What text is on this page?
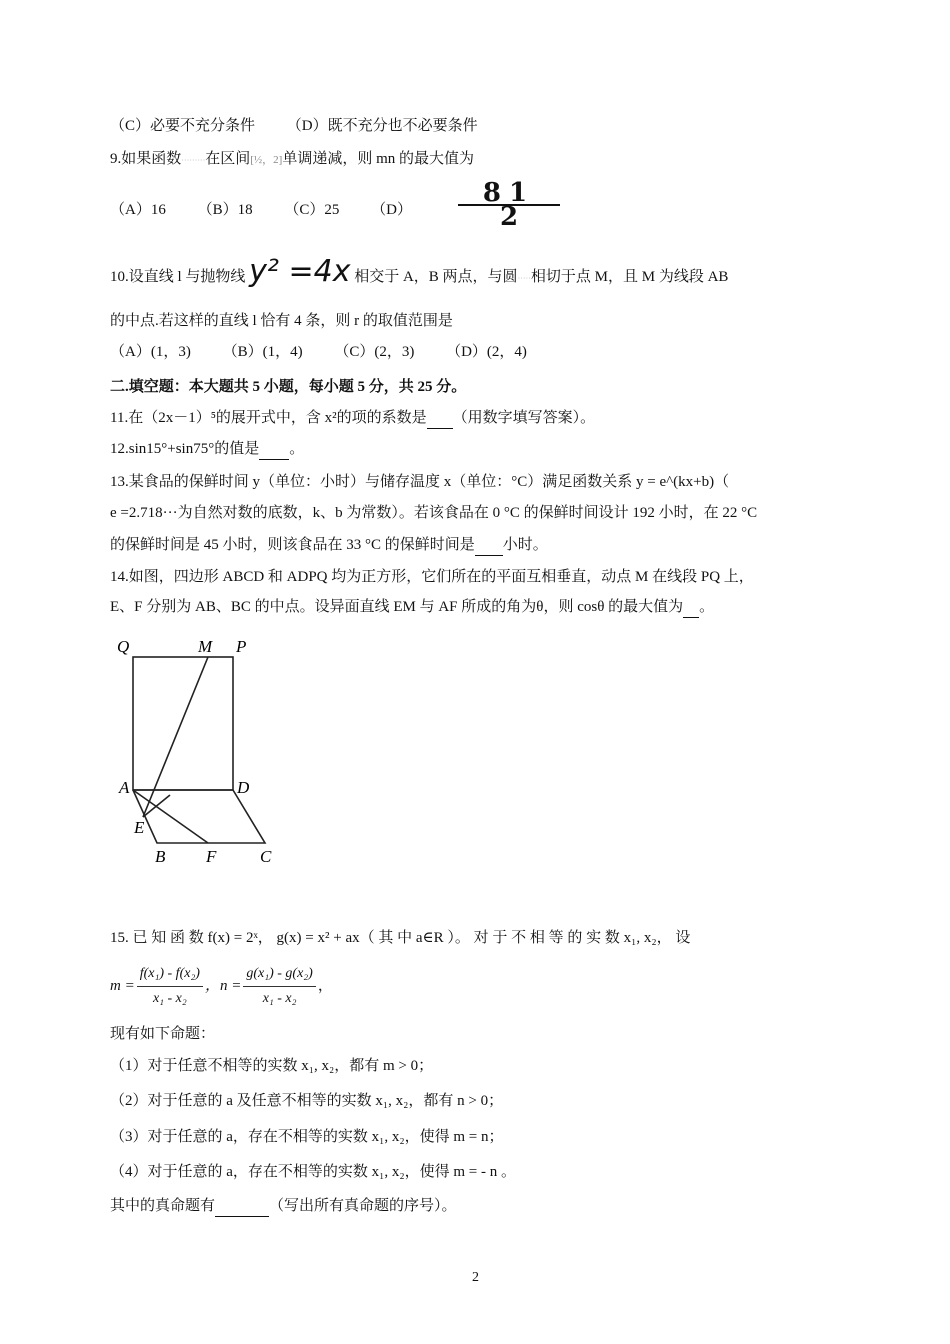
（C）必要不充分条件 （D）既不充分也不必要条件
9.如果函数·········在区间[½，2]单调递减，则 mn 的最大值为
（A）16 （B）18 （C）25 $(D) \frac{81}{2}$
10.设直线 l 与抛物线 y² =4x 相交于 A，B 两点，与圆·····相切于点 M，且 M 为线段 AB
的中点.若这样的直线 l 恰有 4 条，则 r 的取值范围是
（A）(1，3) （B）(1，4) （C）(2，3) （D）(2，4)
二.填空题：本大题共 5 小题，每小题 5 分，共 25 分。
11.在（2x－1）⁵的展开式中，含 x²的项的系数是 （用数字填写答案）。
12.sin15°+sin75°的值是 。
13.某食品的保鲜时间 y（单位：小时）与储存温度 x（单位：°C）满足函数关系 y = e^(kx+b)（
e =2.718···为自然对数的底数，k、b 为常数）。若该食品在 0 °C 的保鲜时间设计 192 小时，在 22 °C
的保鲜时间是 45 小时，则该食品在 33 °C 的保鲜时间是 小时。
14.如图，四边形 ABCD 和 ADPQ 均为正方形，它们所在的平面互相垂直，动点 M 在线段 PQ 上，
E、F 分别为 AB、BC 的中点。设异面直线 EM 与 AF 所成的角为θ，则 cosθ 的最大值为 。
Q	M P
A	D
E
B F	C
15. 已 知 函 数 f(x) = 2ˣ， g(x) = x² + ax（ 其 中 a∈R ）。 对 于 不 相 等 的 实 数 x₁, x₂， 设
$m = \frac{\text{f(x₁) - f(x₂)}}{\text{x₁ - x₂}}$ ，$n = \frac{\text{g(x₁) - g(x₂)}}{\text{x₁ - x₂}}$ ，
现有如下命题：
（1）对于任意不相等的实数 x₁, x₂，都有 m > 0；
（2）对于任意的 a 及任意不相等的实数 x₁, x₂，都有 n > 0；
（3）对于任意的 a，存在不相等的实数 x₁, x₂，使得 m = n；
（4）对于任意的 a，存在不相等的实数 x₁, x₂，使得 m = - n 。
其中的真命题有	（写出所有真命题的序号）。
2
